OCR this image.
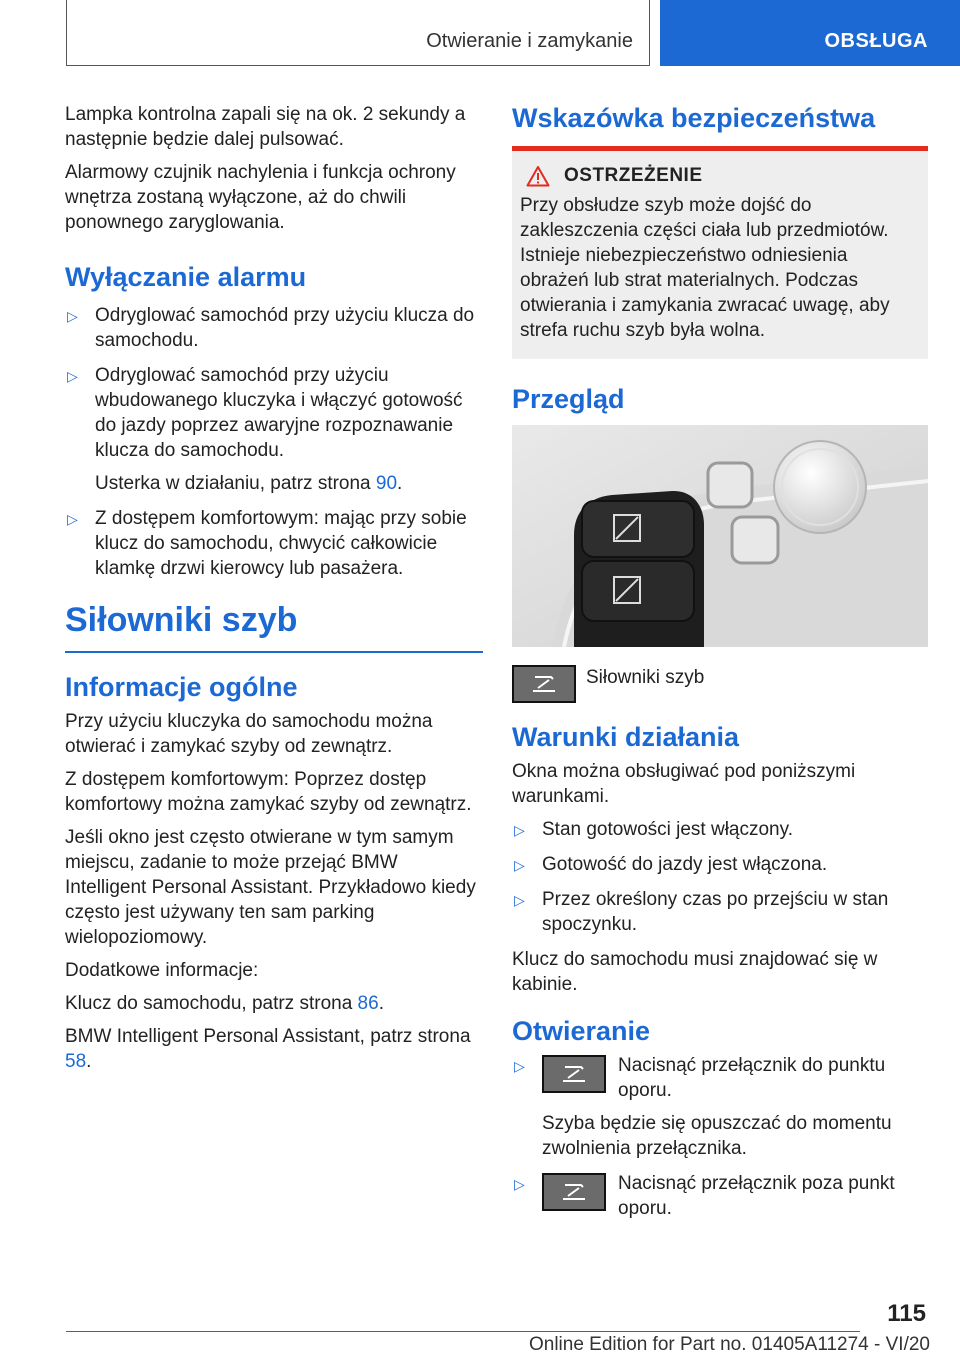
Otwieranie i zamykanie	OBSŁUGA

Lampka kontrolna zapali się na ok. 2 sekundy a następnie będzie dalej pulsować.

Alarmowy czujnik nachylenia i funkcja ochrony wnętrza zostaną wyłączone, aż do chwili ponownego zaryglowania.

Wyłączanie alarmu
▷ Odryglować samochód przy użyciu klucza do samochodu.
▷ Odryglować samochód przy użyciu wbudowanego kluczyka i włączyć gotowość do jazdy poprzez awaryjne rozpoznawanie klucza do samochodu.
Usterka w działaniu, patrz strona 90.
▷ Z dostępem komfortowym: mając przy sobie klucz do samochodu, chwycić całkowicie klamkę drzwi kierowcy lub pasażera.
Siłowniki szyb
Informacje ogólne

Przy użyciu kluczyka do samochodu można otwierać i zamykać szyby od zewnątrz.

Z dostępem komfortowym: Poprzez dostęp komfortowy można zamykać szyby od zewnątrz.

Jeśli okno jest często otwierane w tym samym miejscu, zadanie to może przejąć BMW Intelligent Personal Assistant. Przykładowo kiedy często jest używany ten sam parking wielopoziomowy.

Dodatkowe informacje:

Klucz do samochodu, patrz strona 86.

BMW Intelligent Personal Assistant, patrz strona 58.

Wskazówka bezpieczeństwa
OSTRZEŻENIE

Przy obsłudze szyb może dojść do zakleszczenia części ciała lub przedmiotów. Istnieje niebezpieczeństwo odniesienia obrażeń lub strat materialnych. Podczas otwierania i zamykania zwracać uwagę, aby strefa ruchu szyb była wolna.

Przegląd
Siłowniki szyb
Warunki działania

Okna można obsługiwać pod poniższymi warunkami.

▷ Stan gotowości jest włączony.
▷ Gotowość do jazdy jest włączona.
▷ Przez określony czas po przejściu w stan spoczynku.

Klucz do samochodu musi znajdować się w kabinie.

Otwieranie
▷	Nacisnąć przełącznik do punktu oporu.
Szyba będzie się opuszczać do momentu zwolnienia przełącznika.
▷	Nacisnąć przełącznik poza punkt oporu.
115
Online Edition for Part no. 01405A11274 - VI/20
